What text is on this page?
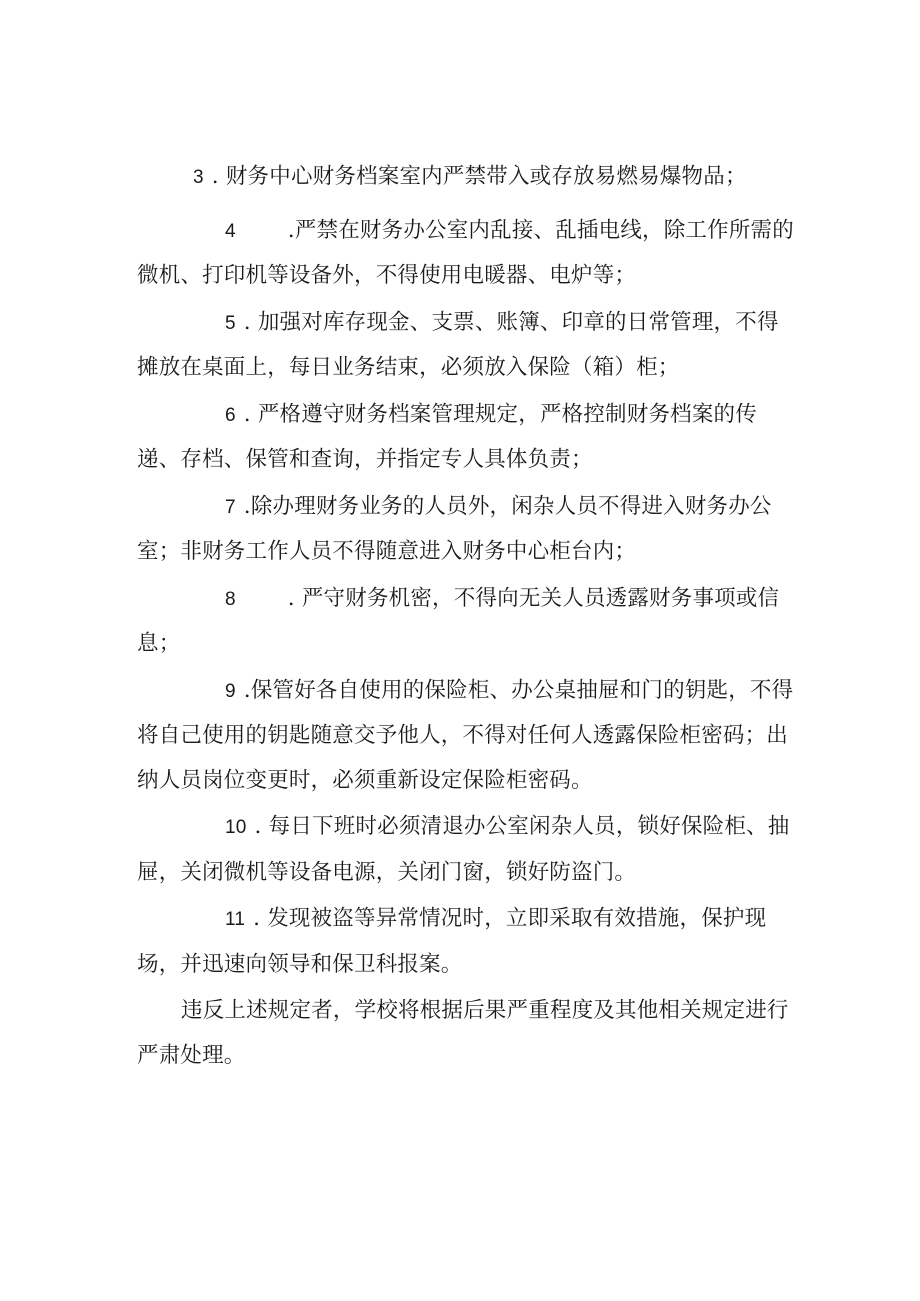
3 . 财务中心财务档案室内严禁带入或存放易燃易爆物品；

4 .严禁在财务办公室内乱接、乱插电线，除工作所需的微机、打印机等设备外，不得使用电暖器、电炉等；

5 . 加强对库存现金、支票、账簿、印章的日常管理，不得摊放在桌面上，每日业务结束，必须放入保险（箱）柜；

6 . 严格遵守财务档案管理规定，严格控制财务档案的传递、存档、保管和查询，并指定专人具体负责；

7 .除办理财务业务的人员外，闲杂人员不得进入财务办公室；非财务工作人员不得随意进入财务中心柜台内；

8 . 严守财务机密，不得向无关人员透露财务事项或信息；

9 .保管好各自使用的保险柜、办公桌抽屉和门的钥匙，不得将自己使用的钥匙随意交予他人，不得对任何人透露保险柜密码；出纳人员岗位变更时，必须重新设定保险柜密码。

10 . 每日下班时必须清退办公室闲杂人员，锁好保险柜、抽屉，关闭微机等设备电源，关闭门窗，锁好防盗门。

11 . 发现被盗等异常情况时，立即采取有效措施，保护现场，并迅速向领导和保卫科报案。

违反上述规定者，学校将根据后果严重程度及其他相关规定进行严肃处理。
